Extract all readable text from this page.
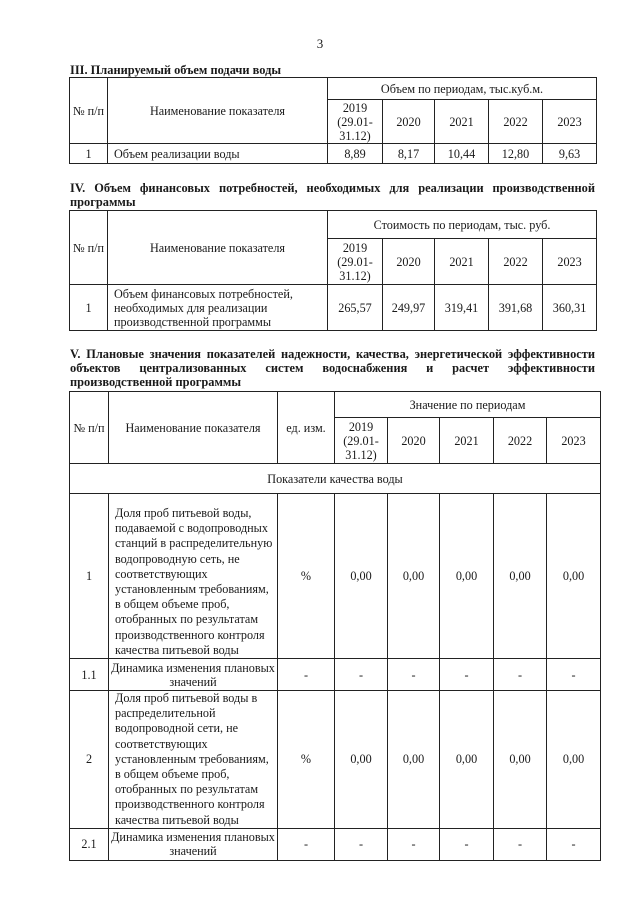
3
III. Планируемый объем подачи воды
№ п/п	Наименование показателя	Объем по периодам, тыс.куб.м.				
		2019 (29.01-31.12)	2020	2021	2022	2023
1	Объем реализации воды	8,89	8,17	10,44	12,80	9,63
IV. Объем финансовых потребностей, необходимых для реализации производственной программы
№ п/п	Наименование показателя	Стоимость по периодам, тыс. руб.				
		2019 (29.01-31.12)	2020	2021	2022	2023
1	Объем финансовых потребностей, необходимых для реализации производственной программы	265,57	249,97	319,41	391,68	360,31
V. Плановые значения показателей надежности, качества, энергетической эффективности объектов централизованных систем водоснабжения и расчет эффективности производственной программы
№ п/п	Наименование показателя	ед. изм.	Значение по периодам				
			2019 (29.01-31.12)	2020	2021	2022	2023
Показатели качества воды							
1	Доля проб питьевой воды, подаваемой с водопроводных станций в распределительную водопроводную сеть, не соответствующих установленным требованиям, в общем объеме проб, отобранных по результатам производственного контроля качества питьевой воды	%	0,00	0,00	0,00	0,00	0,00
1.1	Динамика изменения плановых значений	-	-	-	-	-	-
2	Доля проб питьевой воды в распределительной водопроводной сети, не соответствующих установленным требованиям, в общем объеме проб, отобранных по результатам производственного контроля качества питьевой воды	%	0,00	0,00	0,00	0,00	0,00
2.1	Динамика изменения плановых значений	-	-	-	-	-	-
